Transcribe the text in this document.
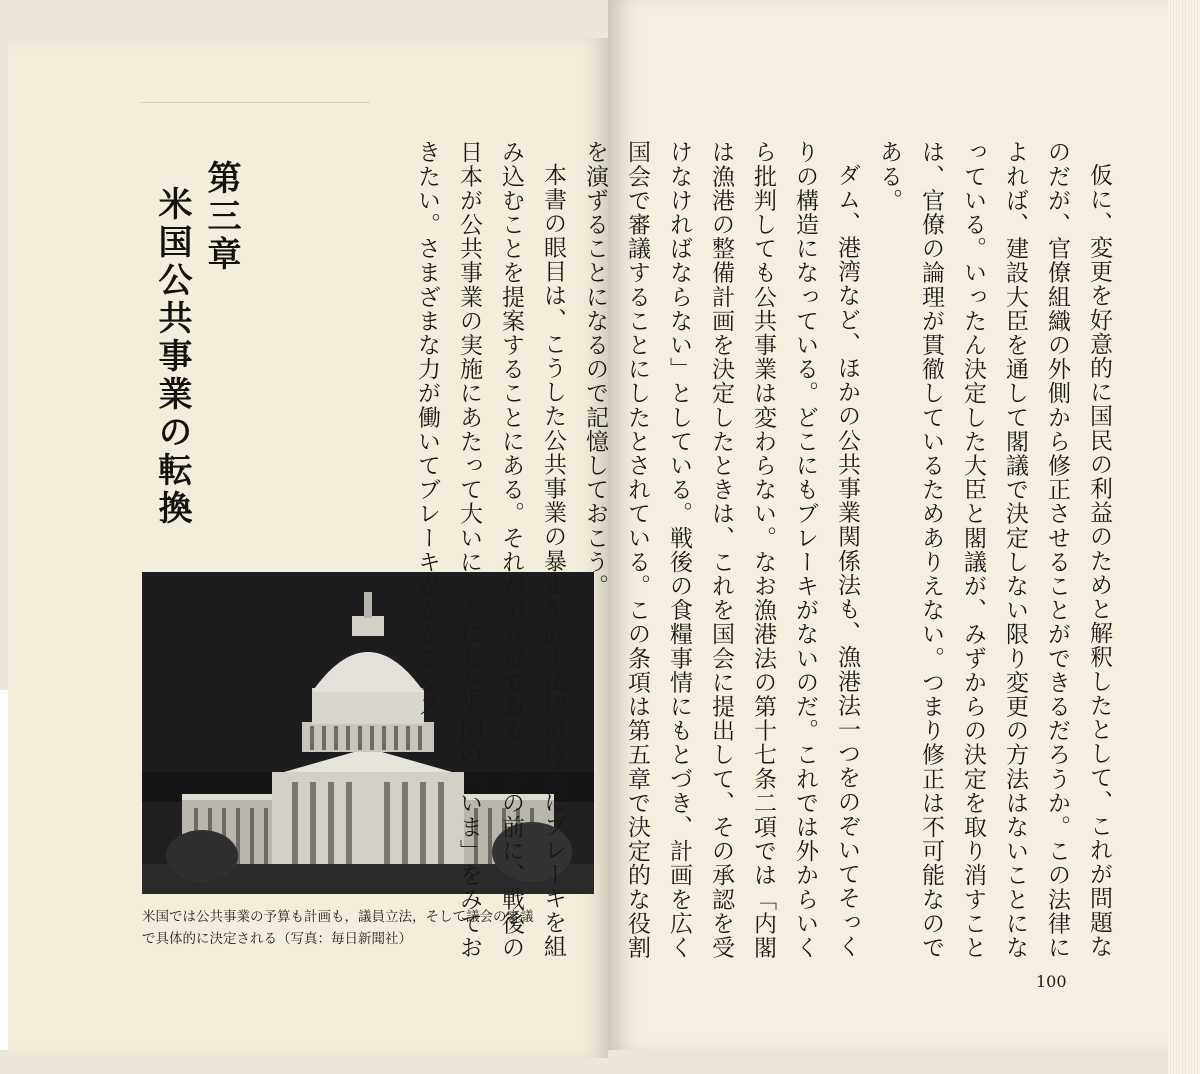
第三章
米国公共事業の転換

米国では公共事業の予算も計画も，議員立法，そして議会の審議

で具体的に決定される（写真：毎日新聞社）	仮に、変更を好意的に国民の利益のためと解釈したとして、これが問題なのだが、官僚組織の外側から修正させることができるだろうか。この法律によれば、建設大臣を通して閣議で決定しない限り変更の方法はないことになっている。いったん決定した大臣と閣議が、みずからの決定を取り消すことは、官僚の論理が貫徹しているためありえない。つまり修正は不可能なのである。

ダム、港湾など、ほかの公共事業関係法も、漁港法一つをのぞいてそっくりの構造になっている。どこにもブレーキがないのだ。これでは外からいくら批判しても公共事業は変わらない。なお漁港法の第十七条二項では「内閣は漁港の整備計画を決定したときは、これを国会に提出して、その承認を受けなければならない」としている。戦後の食糧事情にもとづき、計画を広く国会で審議することにしたとされている。この条項は第五章で決定的な役割を演ずることになるので記憶しておこう。

本書の眼目は、こうした公共事業の暴走を許す法律の体系にブレーキを組み込むことを提案することにある。それが第五章である。その前に、戦後の日本が公共事業の実施にあたって大いに参考にした米国の「いま」をみておきたい。さまざまな力が働いてブレーキがかかるシス

100
